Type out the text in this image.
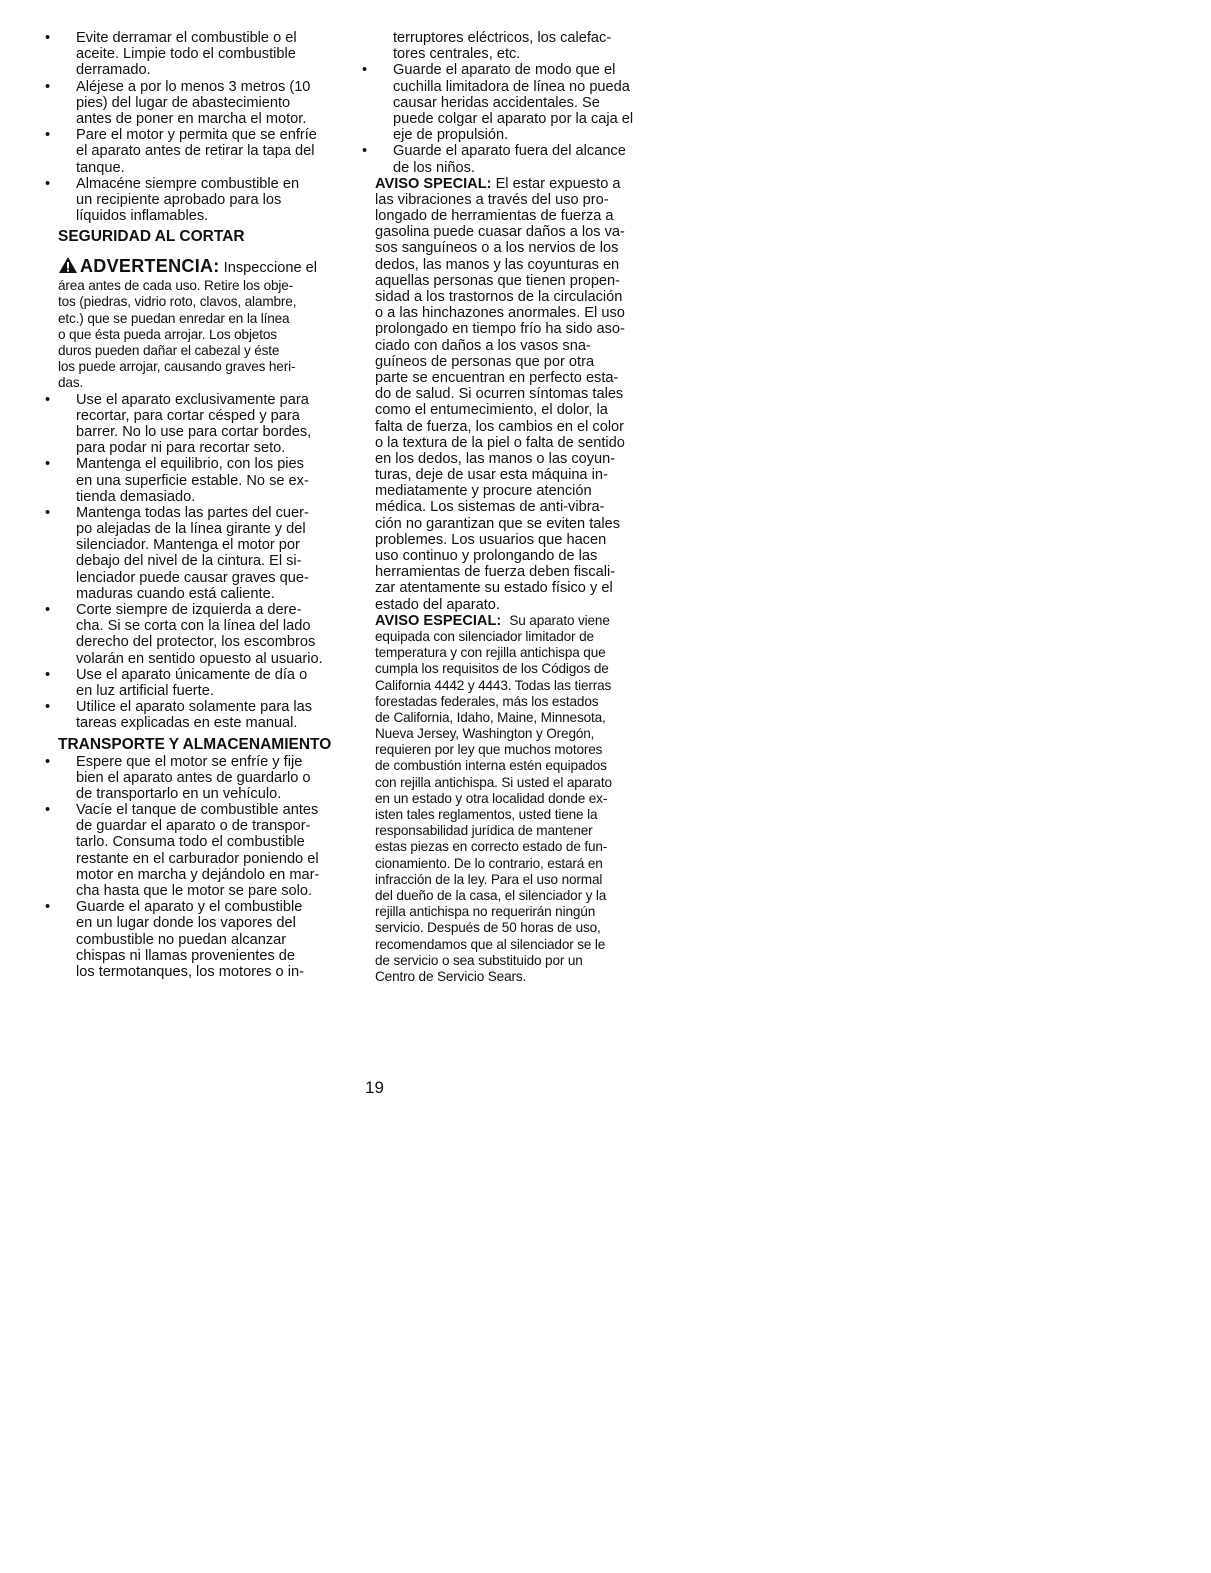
• Evite derramar el combustible o el
aceite. Limpie todo el combustible
derramado.
• Aléjese a por lo menos 3 metros (10
pies) del lugar de abastecimiento
antes de poner en marcha el motor.
• Pare el motor y permita que se enfríe
el aparato antes de retirar la tapa del
tanque.
• Almacéne siempre combustible en
un recipiente aprobado para los
líquidos inflamables.
SEGURIDAD AL CORTAR
ADVERTENCIA: Inspeccione el
área antes de cada uso. Retire los obje-
tos (piedras, vidrio roto, clavos, alambre,
etc.) que se puedan enredar en la línea
o que ésta pueda arrojar. Los objetos
duros pueden dañar el cabezal y éste
los puede arrojar, causando graves heri-
das.
• Use el aparato exclusivamente para
recortar, para cortar césped y para
barrer. No lo use para cortar bordes,
para podar ni para recortar seto.
• Mantenga el equilibrio, con los pies
en una superficie estable. No se ex-
tienda demasiado.
• Mantenga todas las partes del cuer-
po alejadas de la línea girante y del
silenciador. Mantenga el motor por
debajo del nivel de la cintura. El si-
lenciador puede causar graves que-
maduras cuando está caliente.
• Corte siempre de izquierda a dere-
cha. Si se corta con la línea del lado
derecho del protector, los escombros
volarán en sentido opuesto al usuario.
• Use el aparato únicamente de día o
en luz artificial fuerte.
• Utilice el aparato solamente para las
tareas explicadas en este manual.
TRANSPORTE Y ALMACENAMIENTO
• Espere que el motor se enfríe y fije
bien el aparato antes de guardarlo o
de transportarlo en un vehículo.
• Vacíe el tanque de combustible antes
de guardar el aparato o de transpor-
tarlo. Consuma todo el combustible
restante en el carburador poniendo el
motor en marcha y dejándolo en mar-
cha hasta que le motor se pare solo.
• Guarde el aparato y el combustible
en un lugar donde los vapores del
combustible no puedan alcanzar
chispas ni llamas provenientes de
los termotanques, los motores o in-
terruptores eléctricos, los calefac-
tores centrales, etc.
• Guarde el aparato de modo que el
cuchilla limitadora de línea no pueda
causar heridas accidentales. Se
puede colgar el aparato por la caja el
eje de propulsión.
• Guarde el aparato fuera del alcance
de los niños.
AVISO SPECIAL: El estar expuesto a
las vibraciones a través del uso pro-
longado de herramientas de fuerza a
gasolina puede cuasar daños a los va-
sos sanguíneos o a los nervios de los
dedos, las manos y las coyunturas en
aquellas personas que tienen propen-
sidad a los trastornos de la circulación
o a las hinchazones anormales. El uso
prolongado en tiempo frío ha sido aso-
ciado con daños a los vasos sna-
guíneos de personas que por otra
parte se encuentran en perfecto esta-
do de salud. Si ocurren síntomas tales
como el entumecimiento, el dolor, la
falta de fuerza, los cambios en el color
o la textura de la piel o falta de sentido
en los dedos, las manos o las coyun-
turas, deje de usar esta máquina in-
mediatamente y procure atención
médica. Los sistemas de anti-vibra-
ción no garantizan que se eviten tales
problemes. Los usuarios que hacen
uso continuo y prolongando de las
herramientas de fuerza deben fiscali-
zar atentamente su estado físico y el
estado del aparato.
AVISO ESPECIAL: Su aparato viene
equipada con silenciador limitador de
temperatura y con rejilla antichispa que
cumpla los requisitos de los Códigos de
California 4442 y 4443. Todas las tierras
forestadas federales, más los estados
de California, Idaho, Maine, Minnesota,
Nueva Jersey, Washington y Oregón,
requieren por ley que muchos motores
de combustión interna estén equipados
con rejilla antichispa. Si usted el aparato
en un estado y otra localidad donde ex-
isten tales reglamentos, usted tiene la
responsabilidad jurídica de mantener
estas piezas en correcto estado de fun-
cionamiento. De lo contrario, estará en
infracción de la ley. Para el uso normal
del dueño de la casa, el silenciador y la
rejilla antichispa no requerirán ningún
servicio. Después de 50 horas de uso,
recomendamos que al silenciador se le
de servicio o sea substituido por un
Centro de Servicio Sears.
19
